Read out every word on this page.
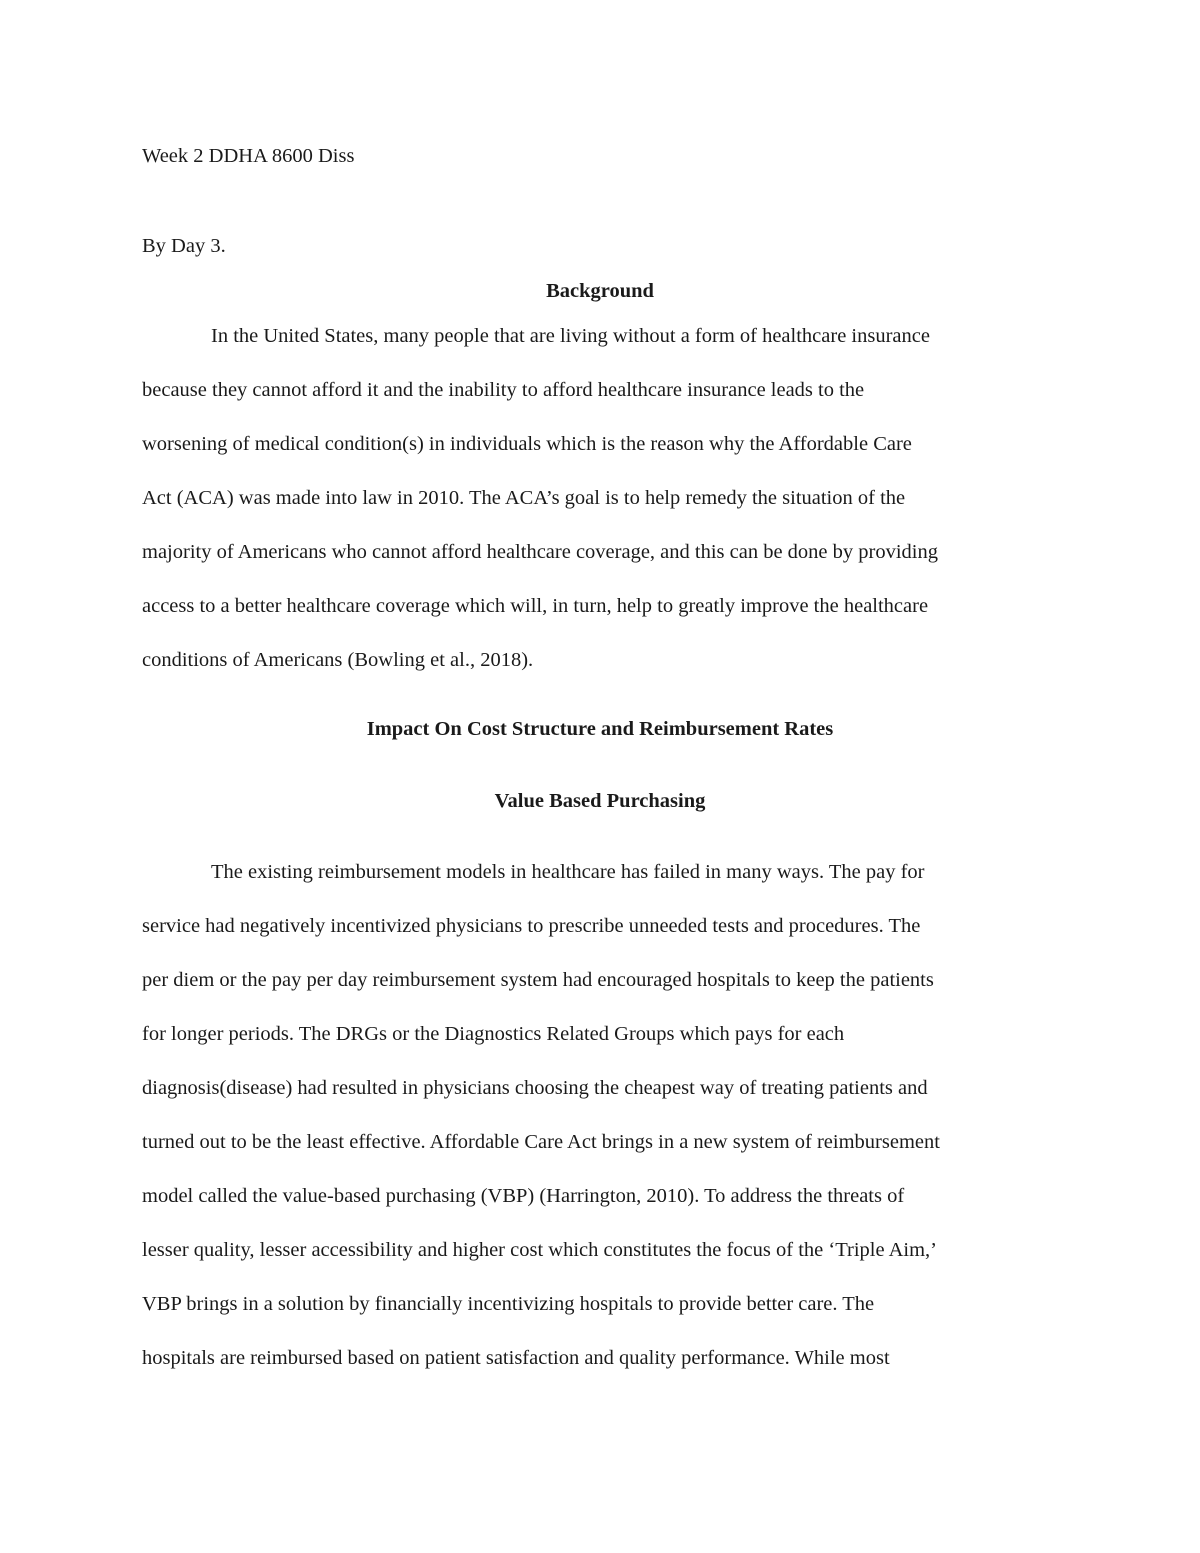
Week 2 DDHA 8600 Diss
By Day 3.
Background
In the United States, many people that are living without a form of healthcare insurance
because they cannot afford it and the inability to afford healthcare insurance leads to the
worsening of medical condition(s) in individuals which is the reason why the Affordable Care
Act (ACA) was made into law in 2010. The ACA’s goal is to help remedy the situation of the
majority of Americans who cannot afford healthcare coverage, and this can be done by providing
access to a better healthcare coverage which will, in turn, help to greatly improve the healthcare
conditions of Americans (Bowling et al., 2018).
Impact On Cost Structure and Reimbursement Rates
Value Based Purchasing
The existing reimbursement models in healthcare has failed in many ways. The pay for
service had negatively incentivized physicians to prescribe unneeded tests and procedures. The
per diem or the pay per day reimbursement system had encouraged hospitals to keep the patients
for longer periods. The DRGs or the Diagnostics Related Groups which pays for each
diagnosis(disease) had resulted in physicians choosing the cheapest way of treating patients and
turned out to be the least effective. Affordable Care Act brings in a new system of reimbursement
model called the value-based purchasing (VBP) (Harrington, 2010). To address the threats of
lesser quality, lesser accessibility and higher cost which constitutes the focus of the ‘Triple Aim,’
VBP brings in a solution by financially incentivizing hospitals to provide better care. The
hospitals are reimbursed based on patient satisfaction and quality performance. While most
